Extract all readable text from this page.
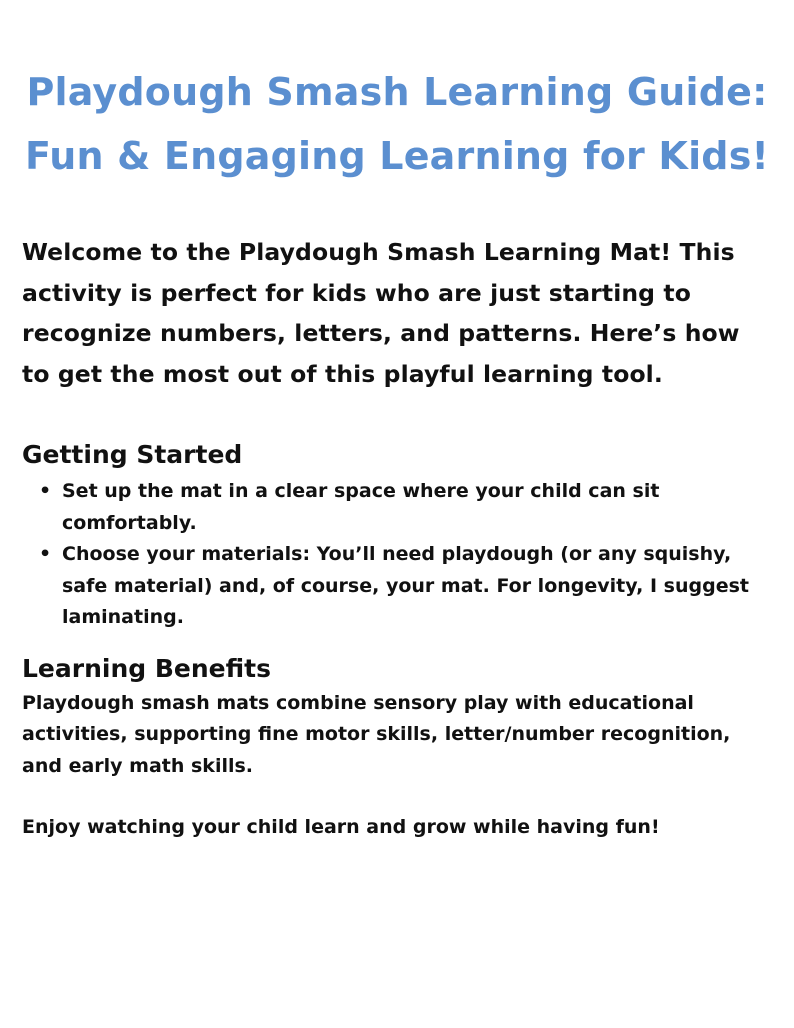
Playdough Smash Learning Guide: Fun & Engaging Learning for Kids!

Welcome to the Playdough Smash Learning Mat! This activity is perfect for kids who are just starting to recognize numbers, letters, and patterns. Here’s how to get the most out of this playful learning tool.

Getting Started
• Set up the mat in a clear space where your child can sit comfortably.
• Choose your materials: You’ll need playdough (or any squishy, safe material) and, of course, your mat. For longevity, I suggest laminating.
Learning Benefits

Playdough smash mats combine sensory play with educational activities, supporting fine motor skills, letter/number recognition, and early math skills.

Enjoy watching your child learn and grow while having fun!
